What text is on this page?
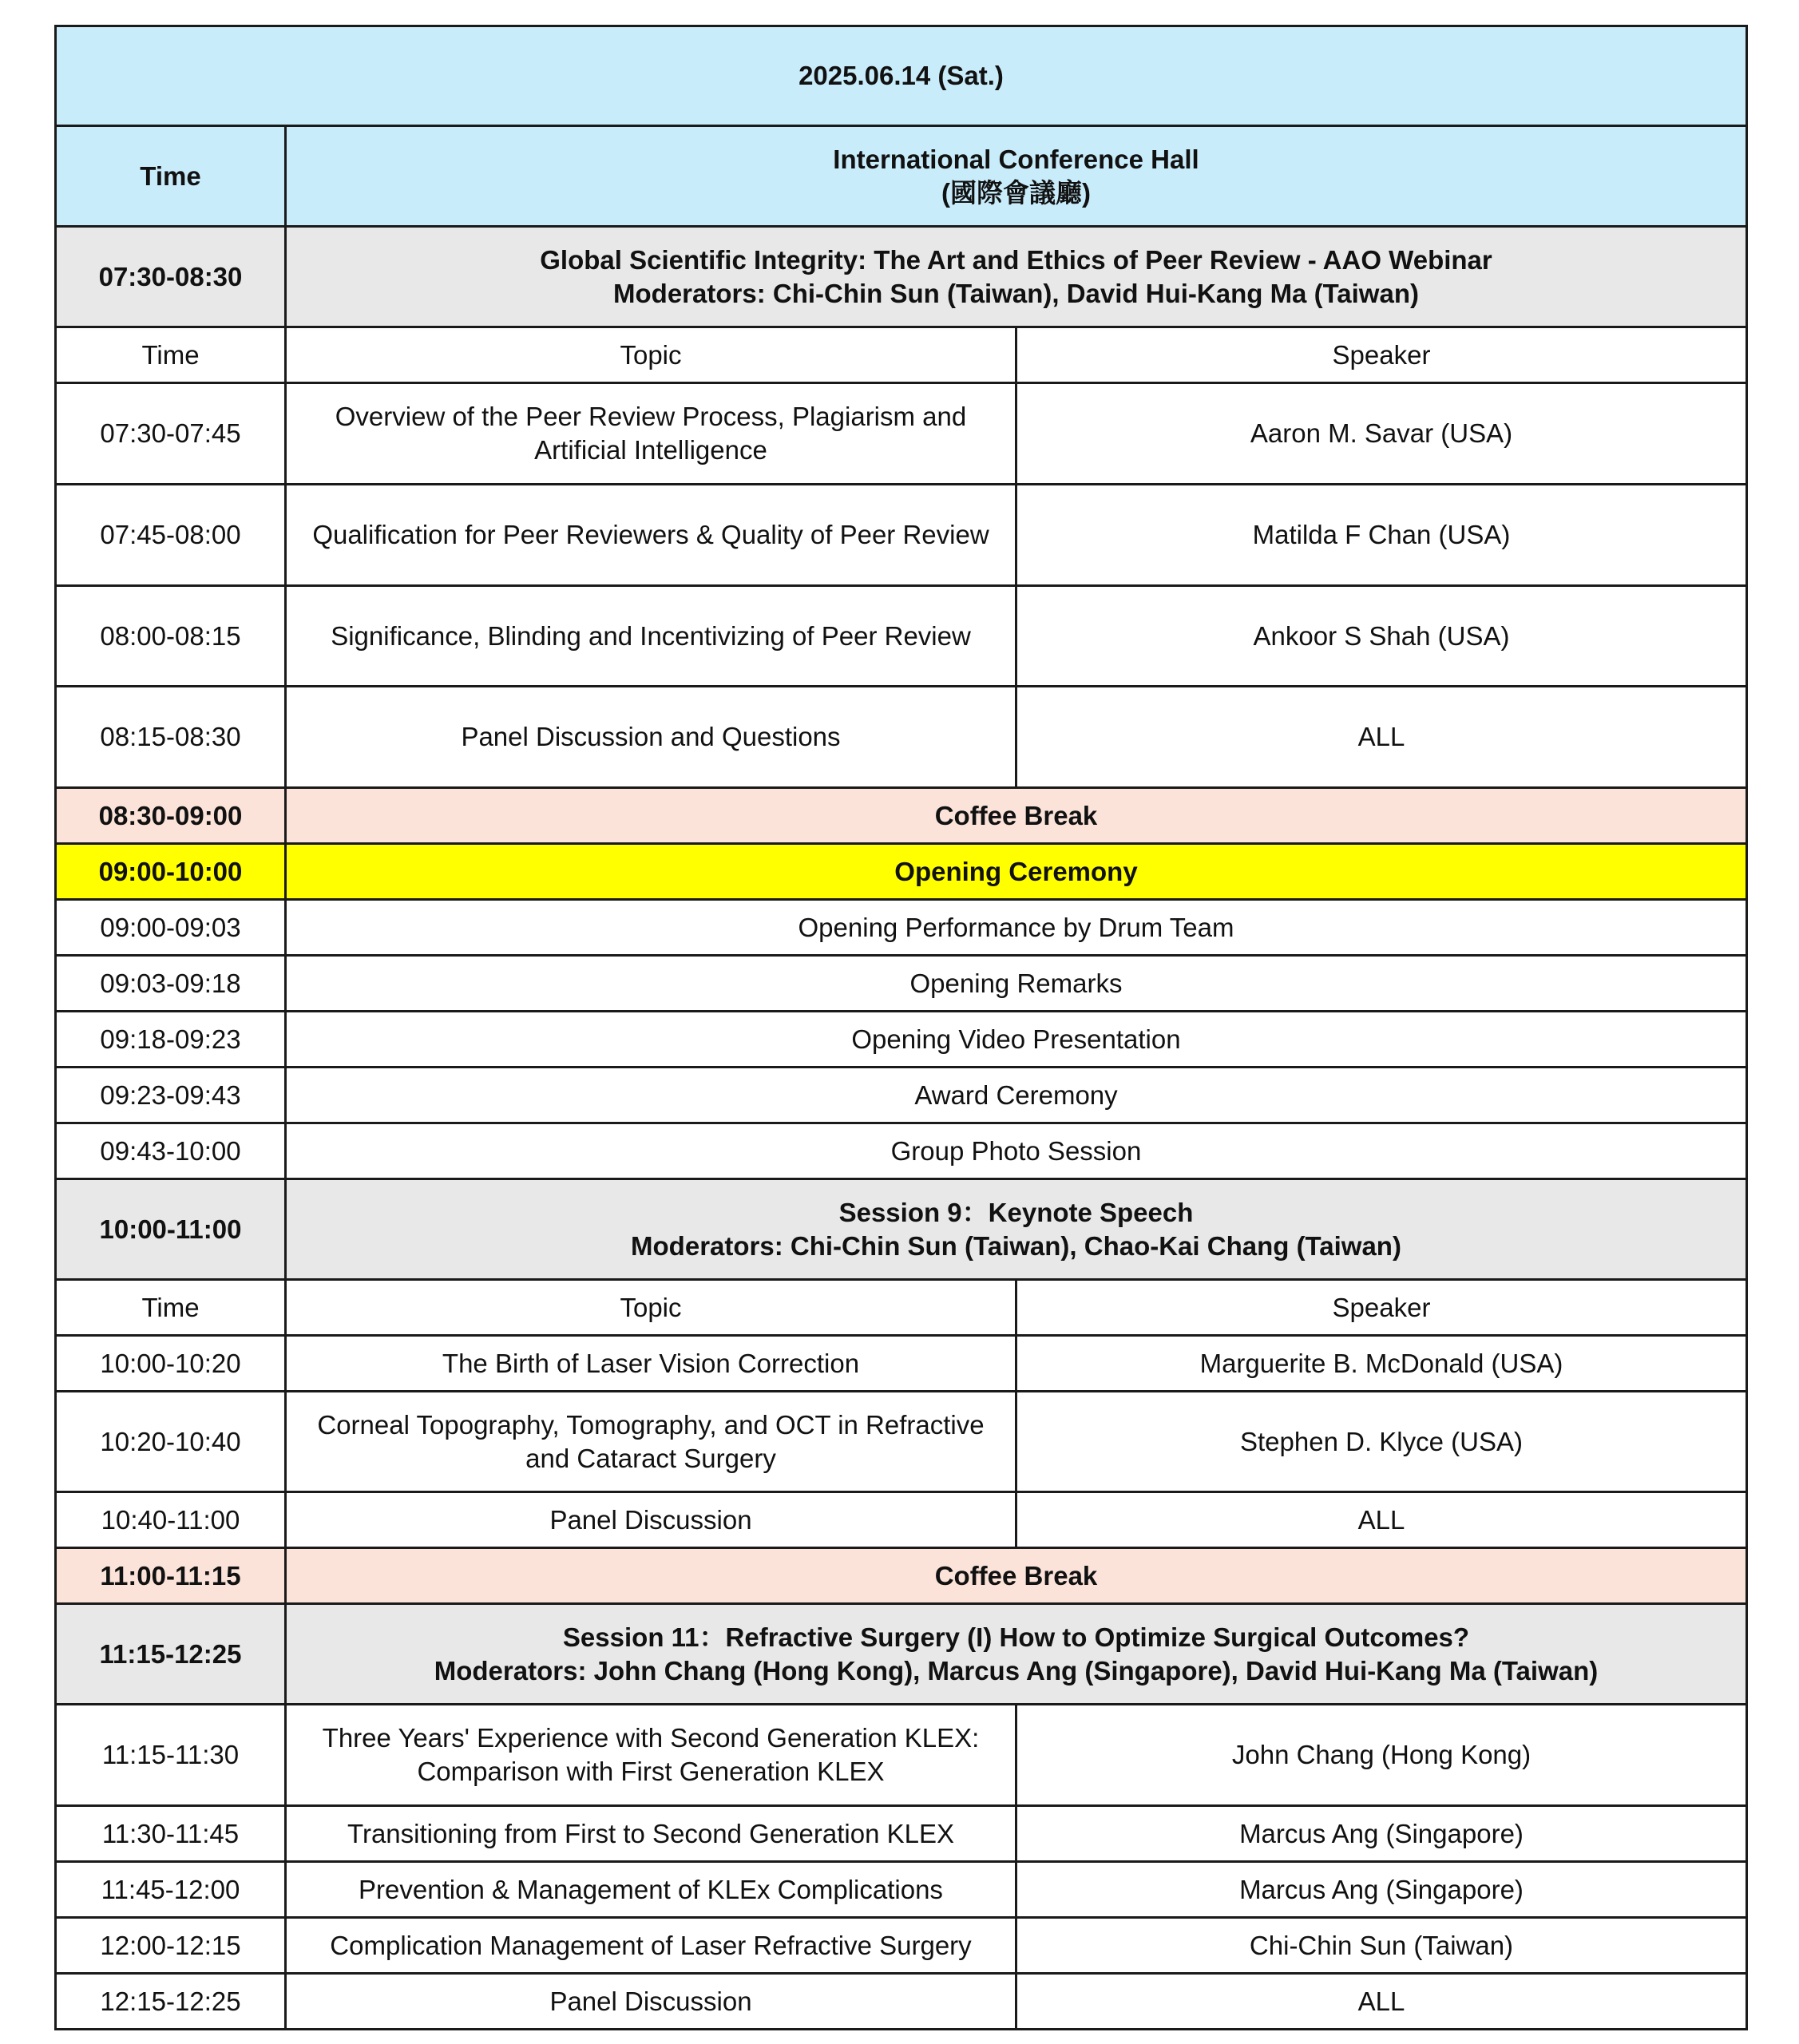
2025.06.14 (Sat.)		
Time	International Conference Hall
(國際會議廳)	

07:30-08:30	Global Scientific Integrity: The Art and Ethics of Peer Review - AAO Webinar
Moderators: Chi-Chin Sun (Taiwan), David Hui-Kang Ma (Taiwan)	

Time	Topic	Speaker
07:30-07:45	Overview of the Peer Review Process, Plagiarism and
Artificial Intelligence	Aaron M. Savar (USA)
07:45-08:00	Qualification for Peer Reviewers & Quality of Peer Review	Matilda F Chan (USA)
08:00-08:15	Significance, Blinding and Incentivizing of Peer Review	Ankoor S Shah (USA)
08:15-08:30	Panel Discussion and Questions	ALL
08:30-09:00	Coffee Break	
09:00-10:00	Opening Ceremony	
09:00-09:03	Opening Performance by Drum Team	
09:03-09:18	Opening Remarks	
09:18-09:23	Opening Video Presentation	
09:23-09:43	Award Ceremony	
09:43-10:00	Group Photo Session	
10:00-11:00	Session 9：Keynote Speech
Moderators: Chi-Chin Sun (Taiwan), Chao-Kai Chang (Taiwan)	

Time	Topic	Speaker
10:00-10:20	The Birth of Laser Vision Correction	Marguerite B. McDonald (USA)
10:20-10:40	Corneal Topography, Tomography, and OCT in Refractive
and Cataract Surgery	Stephen D. Klyce (USA)
10:40-11:00	Panel Discussion	ALL
11:00-11:15	Coffee Break	
11:15-12:25	Session 11：Refractive Surgery (I) How to Optimize Surgical Outcomes?
Moderators: John Chang (Hong Kong), Marcus Ang (Singapore), David Hui-Kang Ma (Taiwan)	

11:15-11:30	Three Years' Experience with Second Generation KLEX:
Comparison with First Generation KLEX	John Chang (Hong Kong)
11:30-11:45	Transitioning from First to Second Generation KLEX	Marcus Ang (Singapore)
11:45-12:00	Prevention & Management of KLEx Complications	Marcus Ang (Singapore)
12:00-12:15	Complication Management of Laser Refractive Surgery	Chi-Chin Sun (Taiwan)
12:15-12:25	Panel Discussion	ALL
